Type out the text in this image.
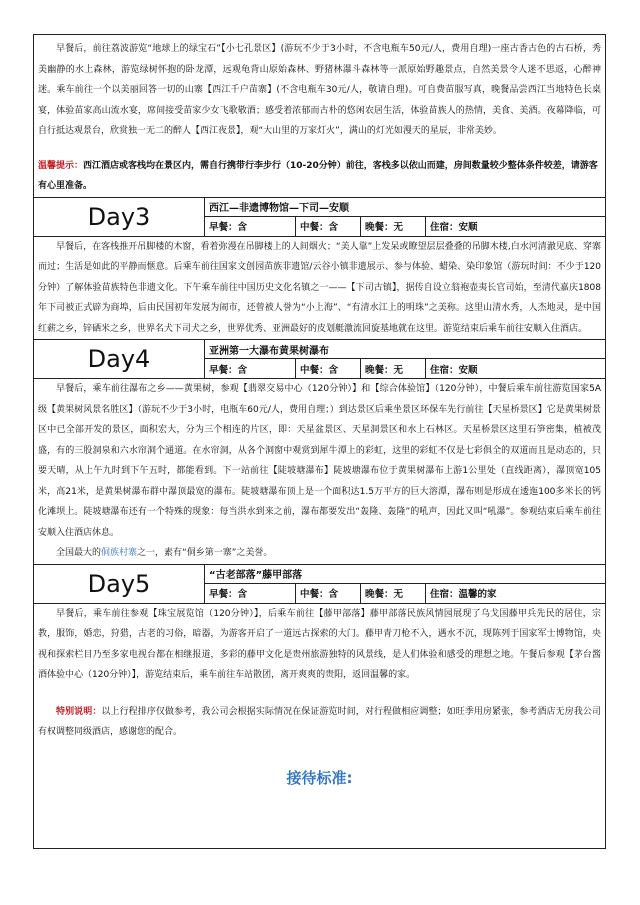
早餐后，前往荔波游览“地球上的绿宝石”【小七孔景区】(游玩不少于3小时，不含电瓶车50元/人，费用自理)一座古香古色的古石桥，秀美幽静的水上森林，游览绿树怀抱的卧龙潭，远观龟背山原始森林、野猪林瀑斗森林等一派原始野趣景点，自然美景令人迷不思返，心醉神迷。乘车前往一个以美丽回答一切的山寨【西江千户苗寨】(不含电瓶车30元/人，敬请自理)。可自费苗服写真，晚餐品尝西江当地特色长桌宴，体验苗家高山流水宴，席间接受苗家少女飞歌敬酒；感受着浓郁而古朴的悠闲农居生活，体验苗族人的热情，美食、美酒。夜幕降临，可自行抵达观景台，欣赏独一无二的醉人【西江夜景】，观“大山里的万家灯火”，满山的灯光如漫天的星辰，非常美妙。

温馨提示：西江酒店或客栈均在景区内，需自行携带行李步行（10-20分钟）前往，客栈多以依山而建，房间数量较少整体条件较差，请游客有心里准备。

Day3	西江—非遗博物馆—下司—安顺
早餐：含	中餐：含	晚餐：无	住宿：安顺

早餐后，在客栈推开吊脚楼的木窗，看着弥漫在吊脚楼上的人间烟火；“美人靠”上发呆或瞭望层层叠叠的吊脚木楼,白水河清澈见底、穿寨而过；生活是如此的平静而惬意。后乘车前往国家文创园苗族非遗馆/云谷小镇非遗展示、参与体验、蜡染、染印象馆（游玩时间：不少于120分钟）了解体验苗族特色非遗文化。下午乘车前往中国历史文化名镇之一——【下司古镇】，据传自设立翁袍壶夷长官司始，至清代嘉庆1808年下司被正式辟为商埠，后由民国初年发展为闹市，还曾被人誉为“小上海”、“有清水江上的明珠”之美称。这里山清水秀，人杰地灵，是中国红薪之乡，锌硒米之乡，世界名犬下司犬之乡，世界优秀、亚洲最好的皮划艇激流回旋基地就在这里。游览结束后乘车前往安顺入住酒店。

Day4	亚洲第一大瀑布黄果树瀑布
早餐：含	中餐：含	晚餐：无	住宿：安顺

早餐后，乘车前往瀑布之乡——黄果树，参观【翡翠交易中心（120分钟）】和【综合体验馆】（120分钟），中餐后乘车前往游览国家5A级【黄果树风景名胜区】（游玩不少于3小时，电瓶车60元/人，费用自理；）到达景区后乘坐景区环保车先行前往【天星桥景区】它是黄果树景区中已全部开发的景区，面积宏大，分为三个相连的片区，即：天星盆景区、天星洞景区和水上石林区。天星桥景区这里石笋密集，植被茂盛，有的三股洞泉和六水帘洞个通道。在水帘洞，从各个洞窗中观赏到犀牛潭上的彩虹，这里的彩虹不仅是七彩俱全的双道而且是动态的，只要天晴，从上午九时到下午五时，都能看到。下一站前往【陡坡塘瀑布】陡坡塘瀑布位于黄果树瀑布上游1公里处（直线距离），瀑顶宽105米，高21米，是黄果树瀑布群中瀑顶最宽的瀑布。陡坡塘瀑布顶上是一个面积达1.5万平方的巨大溶潭，瀑布则是形成在逶迤100多米长的钙化滩坝上。陡坡塘瀑布还有一个特殊的现象：每当洪水到来之前，瀑布都要发出“轰隆、轰隆”的吼声，因此又叫“吼瀑”。参观结束后乘车前往安顺入住酒店休息。

全国最大的侗族村寨之一，素有“侗乡第一寨”之美誉。

Day5	“古老部落”藤甲部落
早餐：含	中餐：含	晚餐：无	住宿：温馨的家

早餐后，乘车前往参观【珠宝展览馆（120分钟）】，后乘车前往【藤甲部落】藤甲部落民族风情园展现了乌戈国藤甲兵先民的居住，宗教，服饰，婚恋，狩猎，古老的习俗，暗器，为游客开启了一道远古探索的大门。藤甲青刀枪不入，遇水不沉，现陈列于国家军士博物馆，央视和探索栏目乃至多家电视台都在相继报道，多彩的藤甲文化是贵州旅游独特的风景线，是人们体验和感受的理想之地。午餐后参观【茅台酱酒体验中心（120分钟）】，游览结束后，乘车前往车站散团，离开爽爽的贵阳，返回温馨的家。

特别说明：以上行程排序仅做参考，我公司会根据实际情况在保证游览时间，对行程做相应调整；如旺季用房紧张，参考酒店无房我公司有权调整同级酒店，感谢您的配合。

接待标准:
